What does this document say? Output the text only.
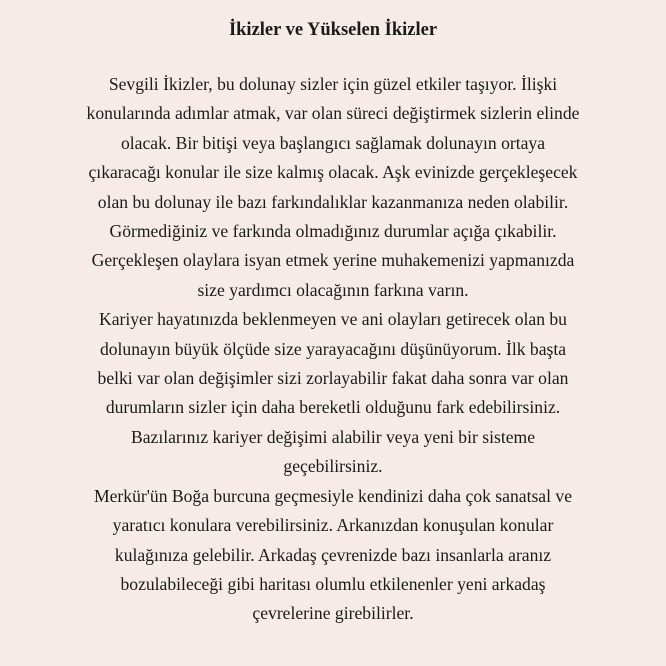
İkizler ve Yükselen İkizler
Sevgili İkizler, bu dolunay sizler için güzel etkiler taşıyor. İlişki
konularında adımlar atmak, var olan süreci değiştirmek sizlerin elinde
olacak. Bir bitişi veya başlangıcı sağlamak dolunayın ortaya
çıkaracağı konular ile size kalmış olacak. Aşk evinizde gerçekleşecek
olan bu dolunay ile bazı farkındalıklar kazanmanıza neden olabilir.
Görmediğiniz ve farkında olmadığınız durumlar açığa çıkabilir.
Gerçekleşen olaylara isyan etmek yerine muhakemenizi yapmanızda
size yardımcı olacağının farkına varın.
Kariyer hayatınızda beklenmeyen ve ani olayları getirecek olan bu
dolunayın büyük ölçüde size yarayacağını düşünüyorum. İlk başta
belki var olan değişimler sizi zorlayabilir fakat daha sonra var olan
durumların sizler için daha bereketli olduğunu fark edebilirsiniz.
Bazılarınız kariyer değişimi alabilir veya yeni bir sisteme
geçebilirsiniz.
Merkür'ün Boğa burcuna geçmesiyle kendinizi daha çok sanatsal ve
yaratıcı konulara verebilirsiniz. Arkanızdan konuşulan konular
kulağınıza gelebilir. Arkadaş çevrenizde bazı insanlarla aranız
bozulabileceği gibi haritası olumlu etkilenenler yeni arkadaş
çevrelerine girebilirler.
